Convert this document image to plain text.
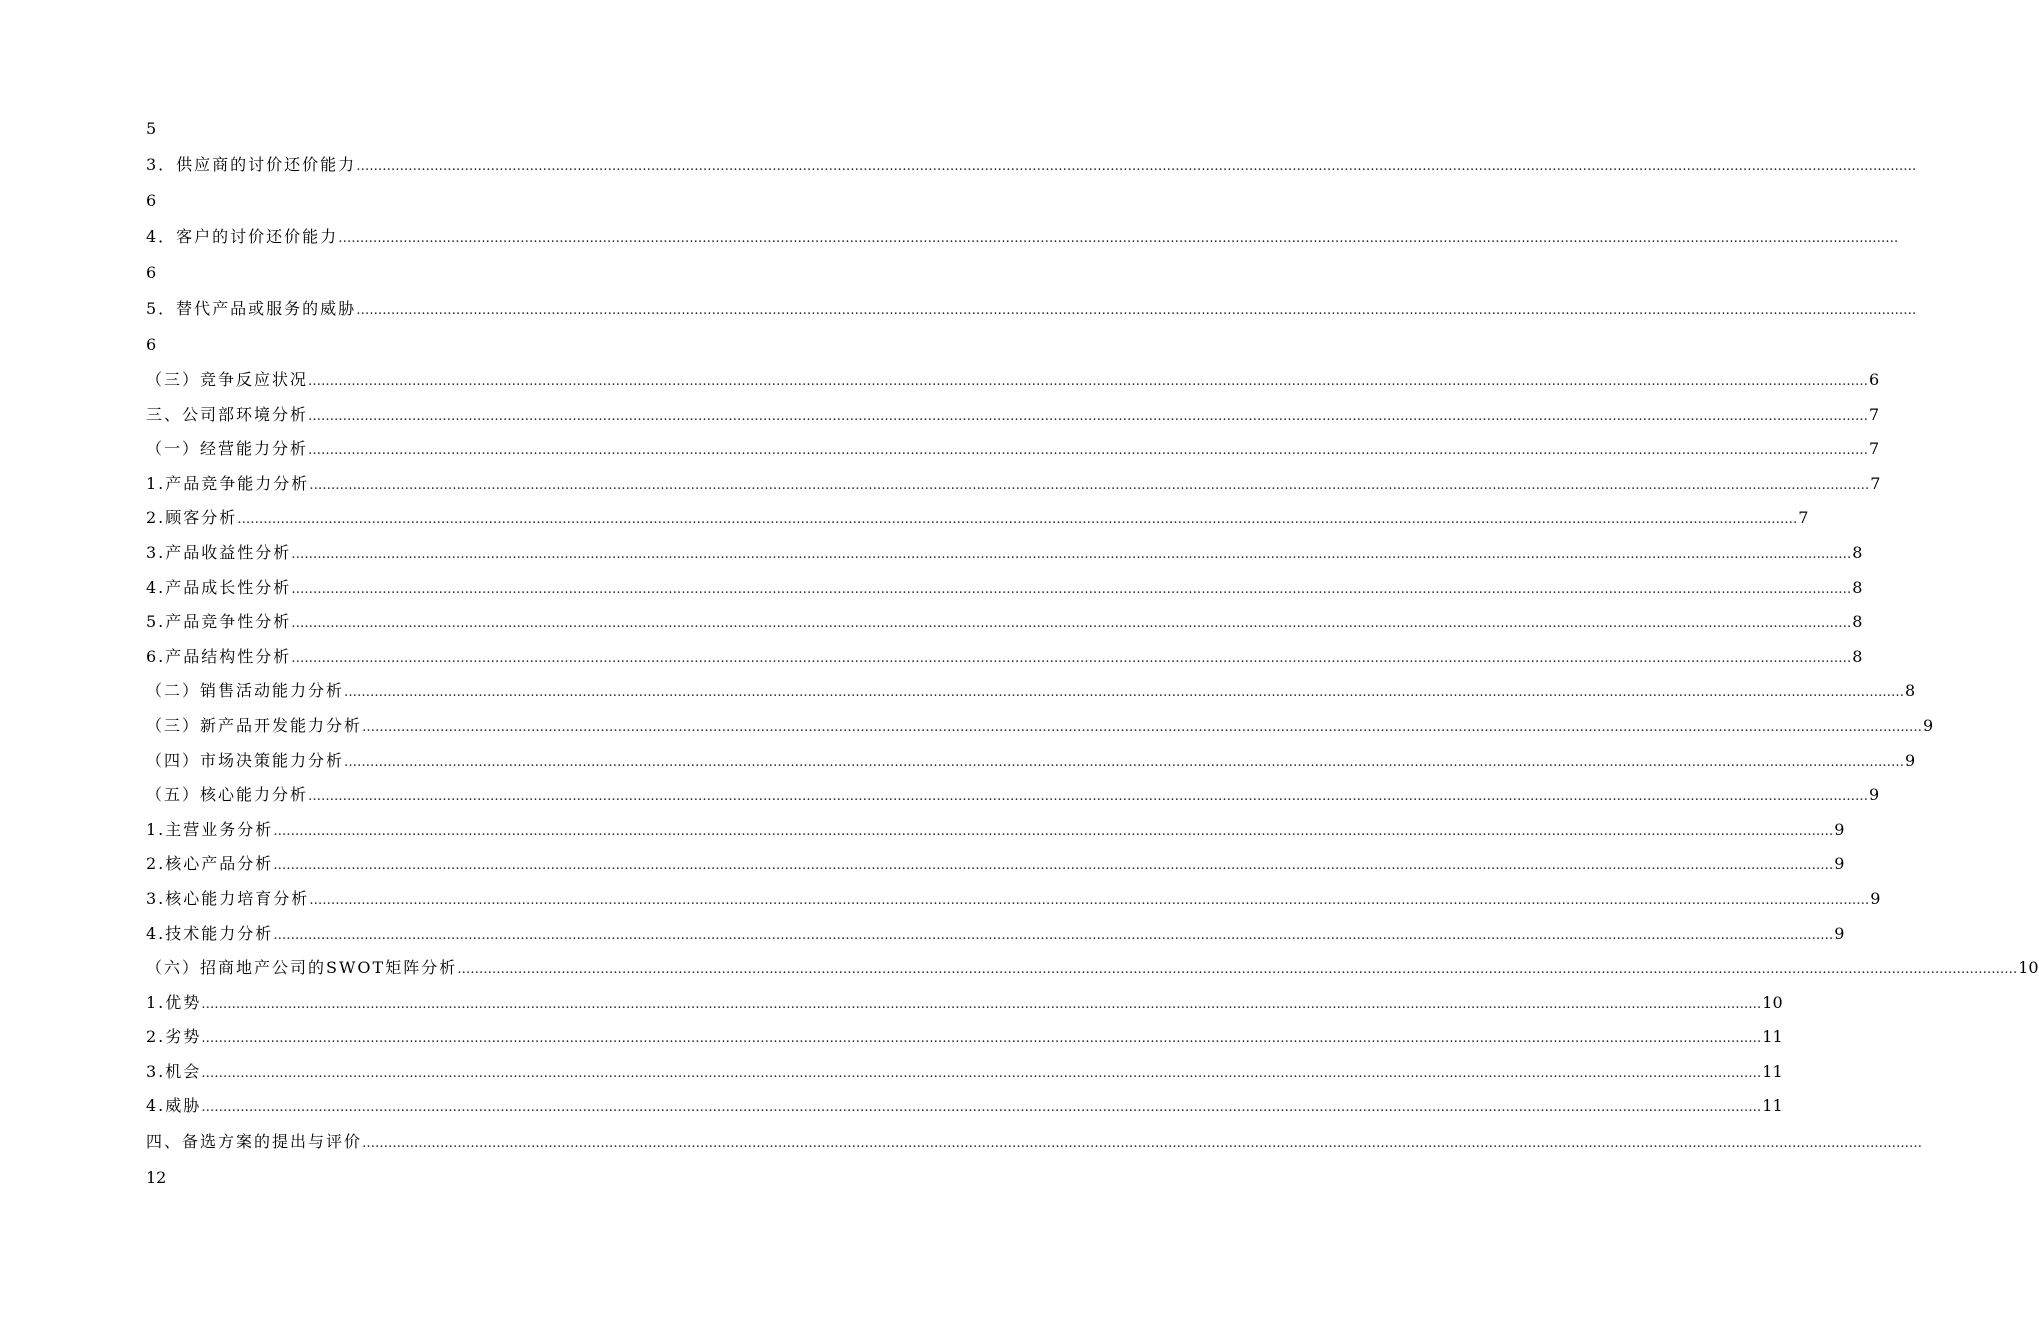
5
3．供应商的讨价还价能力 ………………………………………………………………………………………………………………………………………………………………………………………………………………………………………………………………………………………………………………………………
6
4．客户的讨价还价能力 ………………………………………………………………………………………………………………………………………………………………………………………………………………………………………………………………………………………………………………………………
6
5．替代产品或服务的威胁 ………………………………………………………………………………………………………………………………………………………………………………………………………………………………………………………………………………………………………………………………
6
（三）竞争反应状况 ……………………………………………………………………………………………………………………………………………………………………………………………………………………………………………………………………………………………………………………………… 6
三、公司部环境分析 ……………………………………………………………………………………………………………………………………………………………………………………………………………………………………………………………………………………………………………………………… 7
（一）经营能力分析 ……………………………………………………………………………………………………………………………………………………………………………………………………………………………………………………………………………………………………………………………… 7
1.产品竞争能力分析 ……………………………………………………………………………………………………………………………………………………………………………………………………………………………………………………………………………………………………………………………… 7
2.顾客分析 ……………………………………………………………………………………………………………………………………………………………………………………………………………………………………………………………………………………………………………………………… 7
3.产品收益性分析 ……………………………………………………………………………………………………………………………………………………………………………………………………………………………………………………………………………………………………………………………… 8
4.产品成长性分析 ……………………………………………………………………………………………………………………………………………………………………………………………………………………………………………………………………………………………………………………………… 8
5.产品竞争性分析 ……………………………………………………………………………………………………………………………………………………………………………………………………………………………………………………………………………………………………………………………… 8
6.产品结构性分析 ……………………………………………………………………………………………………………………………………………………………………………………………………………………………………………………………………………………………………………………………… 8
（二）销售活动能力分析 ……………………………………………………………………………………………………………………………………………………………………………………………………………………………………………………………………………………………………………………………… 8
（三）新产品开发能力分析 ……………………………………………………………………………………………………………………………………………………………………………………………………………………………………………………………………………………………………………………………… 9
（四）市场决策能力分析 ……………………………………………………………………………………………………………………………………………………………………………………………………………………………………………………………………………………………………………………………… 9
（五）核心能力分析 ……………………………………………………………………………………………………………………………………………………………………………………………………………………………………………………………………………………………………………………………… 9
1.主营业务分析 ……………………………………………………………………………………………………………………………………………………………………………………………………………………………………………………………………………………………………………………………… 9
2.核心产品分析 ……………………………………………………………………………………………………………………………………………………………………………………………………………………………………………………………………………………………………………………………… 9
3.核心能力培育分析 ……………………………………………………………………………………………………………………………………………………………………………………………………………………………………………………………………………………………………………………………… 9
4.技术能力分析 ……………………………………………………………………………………………………………………………………………………………………………………………………………………………………………………………………………………………………………………………… 9
（六）招商地产公司的SWOT矩阵分析 ……………………………………………………………………………………………………………………………………………………………………………………………………………………………………………………………………………………………………………………………… 10
1.优势 ……………………………………………………………………………………………………………………………………………………………………………………………………………………………………………………………………………………………………………………………… 10
2.劣势 ……………………………………………………………………………………………………………………………………………………………………………………………………………………………………………………………………………………………………………………………… 11
3.机会 ……………………………………………………………………………………………………………………………………………………………………………………………………………………………………………………………………………………………………………………………… 11
4.威胁 ……………………………………………………………………………………………………………………………………………………………………………………………………………………………………………………………………………………………………………………………… 11
四、备选方案的提出与评价 ………………………………………………………………………………………………………………………………………………………………………………………………………………………………………………………………………………………………………………………………
12
